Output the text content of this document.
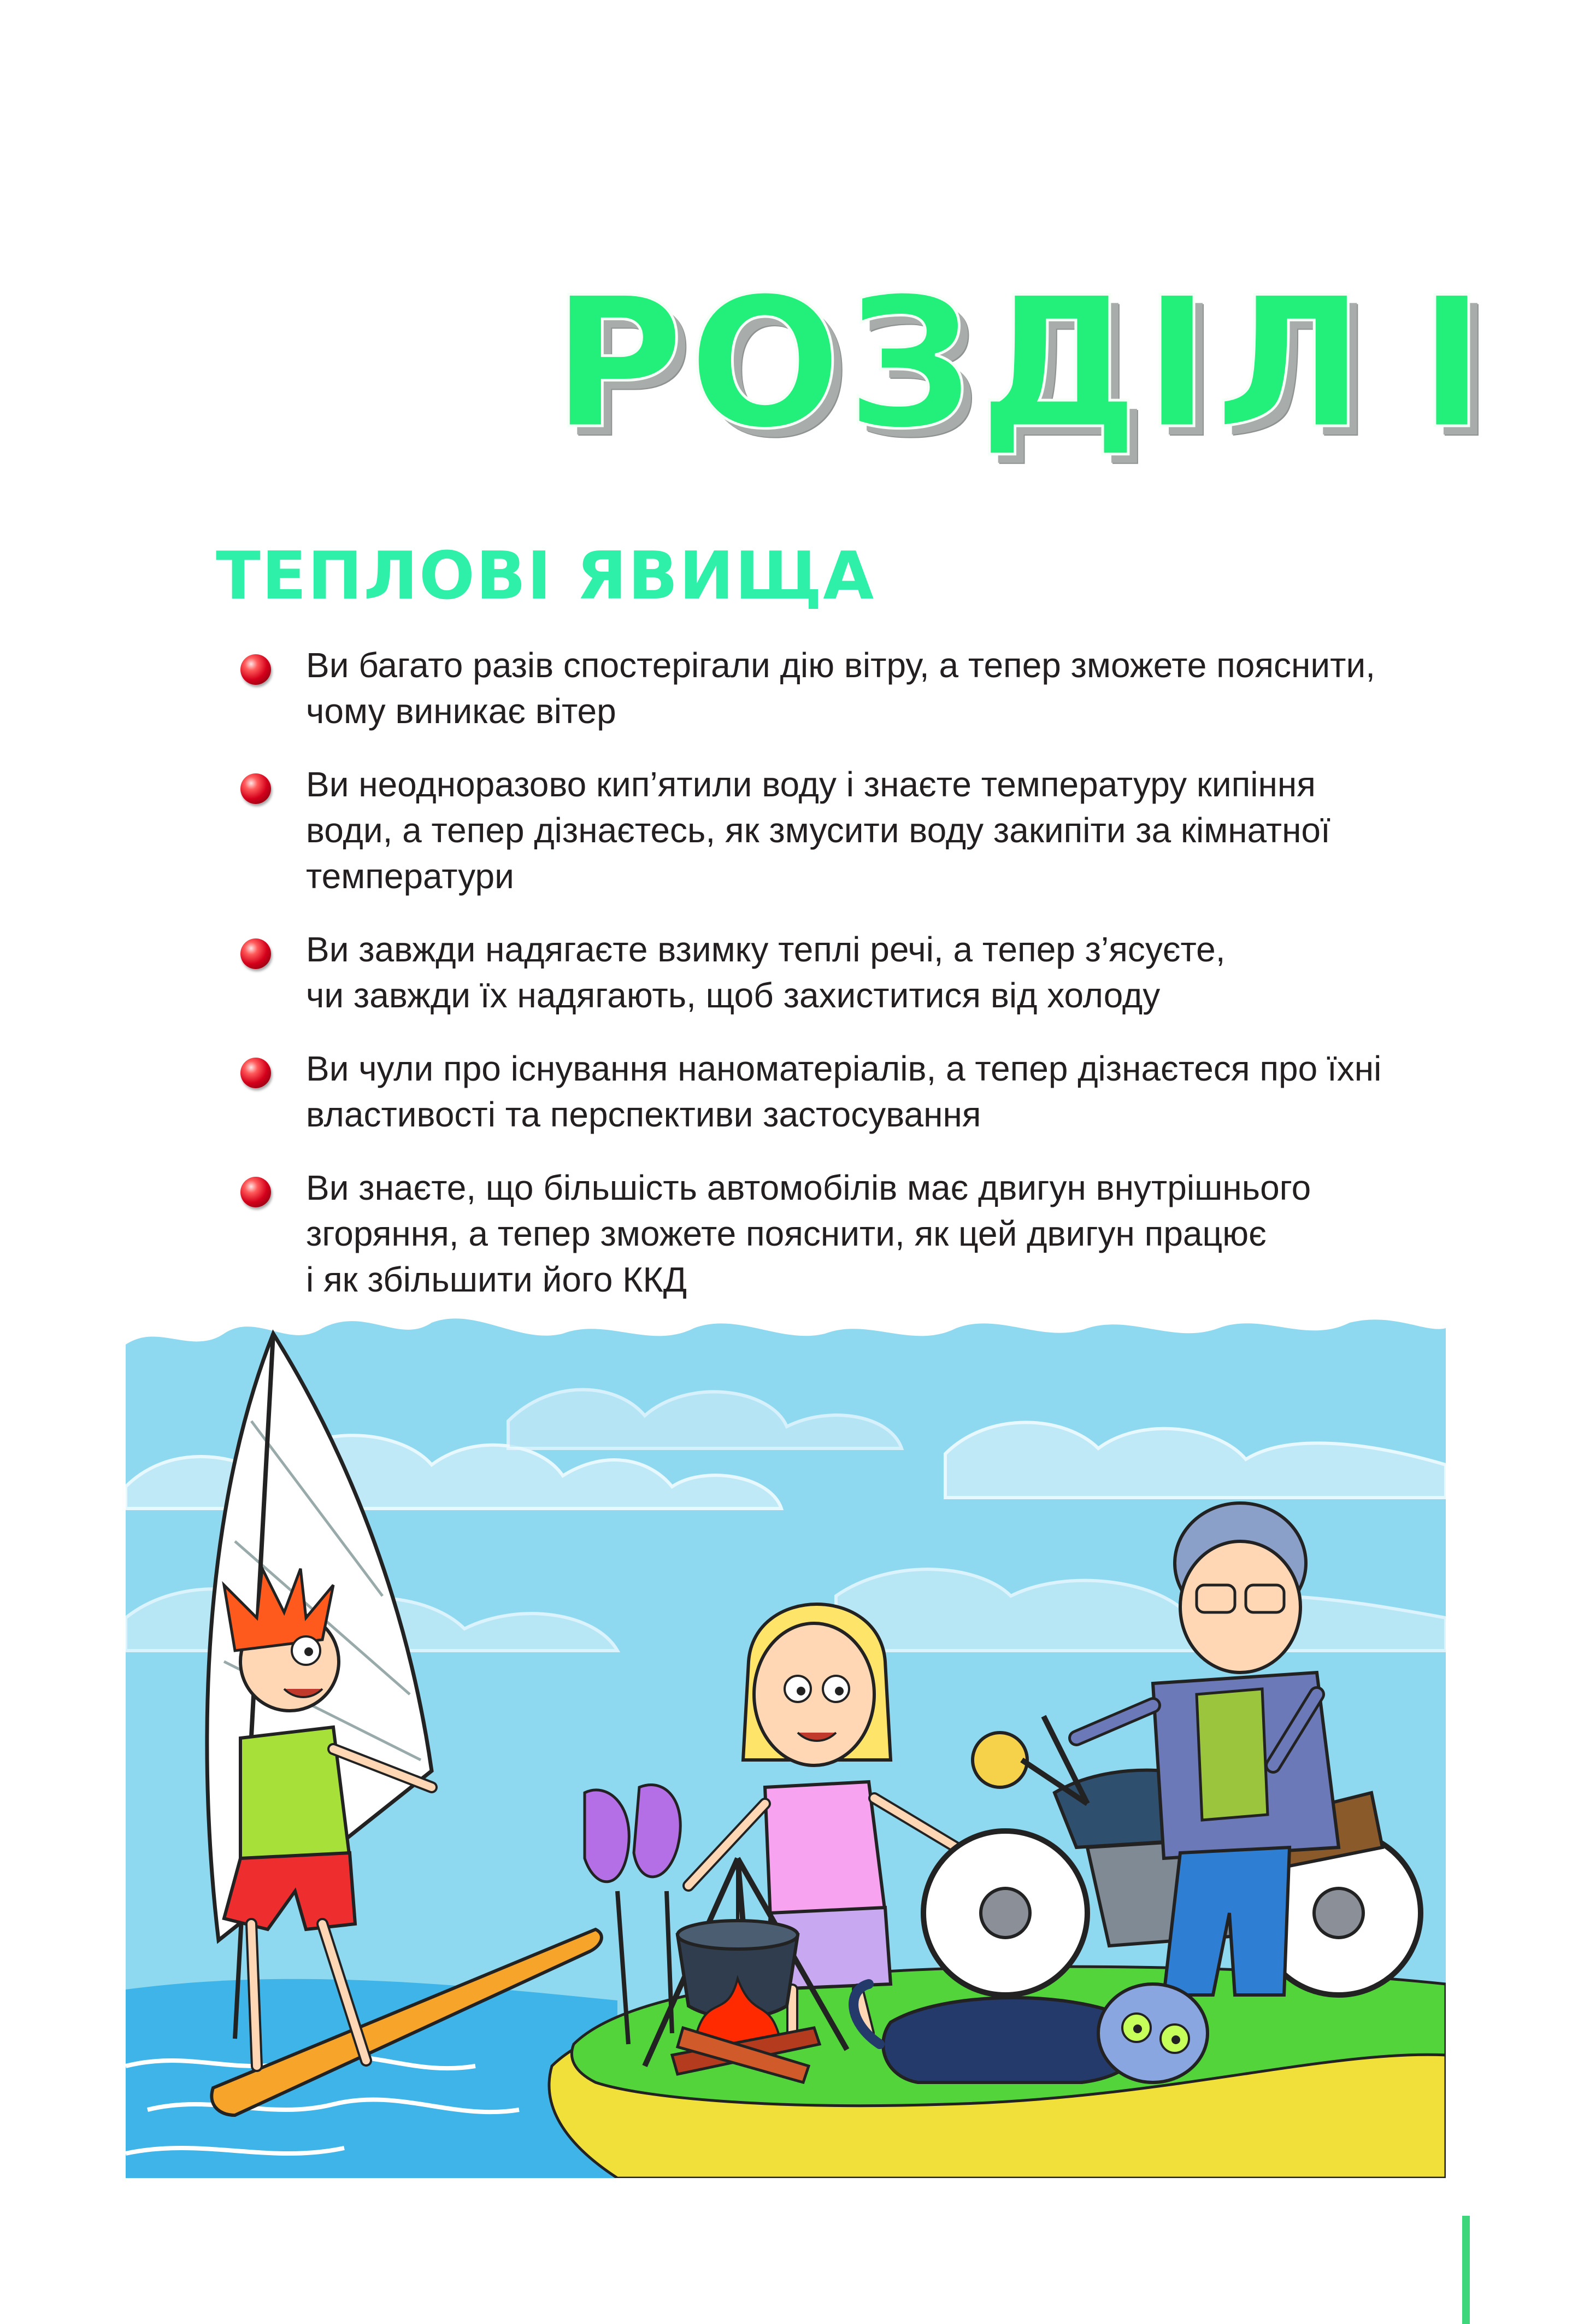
РОЗДІЛ I
ТЕПЛОВІ ЯВИЩА
Ви багато разів спостерігали дію вітру, а тепер зможете пояснити,
чому виникає вітер
Ви неодноразово кип’ятили воду і знаєте температуру кипіння
води, а тепер дізнаєтесь, як змусити воду закипіти за кімнатної
температури
Ви завжди надягаєте взимку теплі речі, а тепер з’ясуєте,
чи завжди їх надягають, щоб захиститися від холоду
Ви чули про існування наноматеріалів, а тепер дізнаєтеся про їхні
властивості та перспективи застосування
Ви знаєте, що більшість автомобілів має двигун внутрішнього
згоряння, а тепер зможете пояснити, як цей двигун працює
і як збільшити його ККД
